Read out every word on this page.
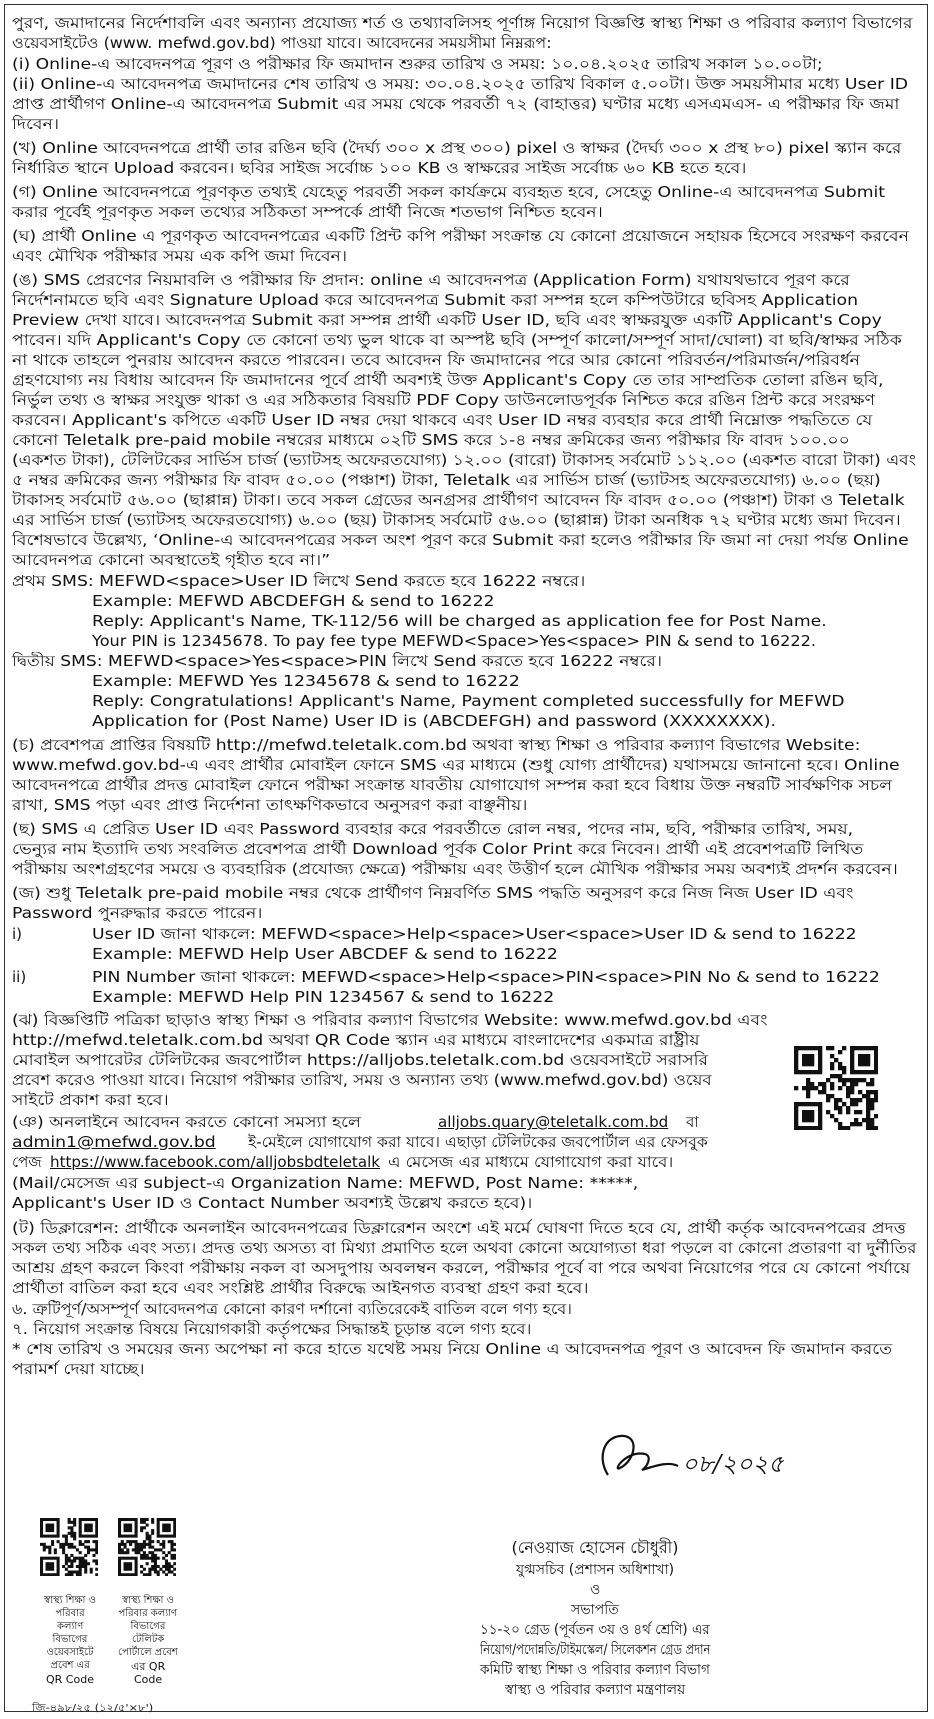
পুরণ, জমাদানের নির্দেশাবলি এবং অন্যান্য প্রযোজ্য শর্ত ও তথ্যাবলিসহ পূর্ণাঙ্গ নিয়োগ বিজ্ঞপ্তি স্বাস্থ্য শিক্ষা ও পরিবার কল্যাণ বিভাগের
ওয়েবসাইটেও (www. mefwd.gov.bd) পাওয়া যাবে। আবেদনের সময়সীমা নিম্নরূপ:
(i) Online-এ আবেদনপত্র পূরণ ও পরীক্ষার ফি জমাদান শুরুর তারিখ ও সময়: ১০.০৪.২০২৫ তারিখ সকাল ১০.০০টা;
(ii) Online-এ আবেদনপত্র জমাদানের শেষ তারিখ ও সময়: ৩০.০৪.২০২৫ তারিখ বিকাল ৫.০০টা। উক্ত সময়সীমার মধ্যে User ID
প্রাপ্ত প্রার্থীগণ Online-এ আবেদনপত্র Submit এর সময় থেকে পরবর্তী ৭২ (বাহাত্তর) ঘণ্টার মধ্যে এসএমএস- এ পরীক্ষার ফি জমা
দিবেন।
(খ) Online আবেদনপত্রে প্রার্থী তার রঙিন ছবি (দৈর্ঘ্য ৩০০ x প্রস্থ ৩০০) pixel ও স্বাক্ষর (দৈর্ঘ্য ৩০০ x প্রস্থ ৮০) pixel স্ক্যান করে
নির্ধারিত স্থানে Upload করবেন। ছবির সাইজ সর্বোচ্চ ১০০ KB ও স্বাক্ষরের সাইজ সর্বোচ্চ ৬০ KB হতে হবে।
(গ) Online আবেদনপত্রে পূরণকৃত তথ্যই যেহেতু পরবর্তী সকল কার্যক্রমে ব্যবহৃত হবে, সেহেতু Online-এ আবেদনপত্র Submit
করার পূর্বেই পূরণকৃত সকল তথ্যের সঠিকতা সম্পর্কে প্রার্থী নিজে শতভাগ নিশ্চিত হবেন।
(ঘ) প্রার্থী Online এ পূরণকৃত আবেদনপত্রের একটি প্রিন্ট কপি পরীক্ষা সংক্রান্ত যে কোনো প্রয়োজনে সহায়ক হিসেবে সংরক্ষণ করবেন
এবং মৌখিক পরীক্ষার সময় এক কপি জমা দিবেন।
(ঙ) SMS প্রেরণের নিয়মাবলি ও পরীক্ষার ফি প্রদান: online এ আবেদনপত্র (Application Form) যথাযথভাবে পূরণ করে
নির্দেশনামতে ছবি এবং Signature Upload করে আবেদনপত্র Submit করা সম্পন্ন হলে কম্পিউটারে ছবিসহ Application
Preview দেখা যাবে। আবেদনপত্র Submit করা সম্পন্ন প্রার্থী একটি User ID, ছবি এবং স্বাক্ষরযুক্ত একটি Applicant's Copy
পাবেন। যদি Applicant's Copy তে কোনো তথ্য ভুল থাকে বা অস্পষ্ট ছবি (সম্পূর্ণ কালো/সম্পূর্ণ সাদা/ঘোলা) বা ছবি/স্বাক্ষর সঠিক
না থাকে তাহলে পুনরায় আবেদন করতে পারবেন। তবে আবেদন ফি জমাদানের পরে আর কোনো পরিবর্তন/পরিমার্জন/পরিবর্ধন
গ্রহণযোগ্য নয় বিধায় আবেদন ফি জমাদানের পূর্বে প্রার্থী অবশ্যই উক্ত Applicant's Copy তে তার সাম্প্রতিক তোলা রঙিন ছবি,
নির্ভুল তথ্য ও স্বাক্ষর সংযুক্ত থাকা ও এর সঠিকতার বিষয়টি PDF Copy ডাউনলোডপূর্বক নিশ্চিত করে রঙিন প্রিন্ট করে সংরক্ষণ
করবেন। Applicant's কপিতে একটি User ID নম্বর দেয়া থাকবে এবং User ID নম্বর ব্যবহার করে প্রার্থী নিম্নোক্ত পদ্ধতিতে যে
কোনো Teletalk pre-paid mobile নম্বরের মাধ্যমে ০২টি SMS করে ১-৪ নম্বর ক্রমিকের জন্য পরীক্ষার ফি বাবদ ১০০.০০
(একশত টাকা), টেলিটকের সার্ভিস চার্জ (ভ্যাটসহ অফেরতযোগ্য) ১২.০০ (বারো) টাকাসহ সর্বমোট ১১২.০০ (একশত বারো টাকা) এবং
৫ নম্বর ক্রমিকের জন্য পরীক্ষার ফি বাবদ ৫০.০০ (পঞ্চাশ) টাকা, Teletalk এর সার্ভিস চার্জ (ভ্যাটসহ অফেরতযোগ্য) ৬.০০ (ছয়)
টাকাসহ সর্বমোট ৫৬.০০ (ছাপ্পান্ন) টাকা। তবে সকল গ্রেডের অনগ্রসর প্রার্থীগণ আবেদন ফি বাবদ ৫০.০০ (পঞ্চাশ) টাকা ও Teletalk
এর সার্ভিস চার্জ (ভ্যাটসহ অফেরতযোগ্য) ৬.০০ (ছয়) টাকাসহ সর্বমোট ৫৬.০০ (ছাপ্পান্ন) টাকা অনধিক ৭২ ঘণ্টার মধ্যে জমা দিবেন।
বিশেষভাবে উল্লেখ্য, ‘Online-এ আবেদনপত্রের সকল অংশ পূরণ করে Submit করা হলেও পরীক্ষার ফি জমা না দেয়া পর্যন্ত Online
আবেদনপত্র কোনো অবস্থাতেই গৃহীত হবে না।”
প্রথম SMS: MEFWD<space>User ID লিখে Send করতে হবে 16222 নম্বরে।
Example: MEFWD ABCDEFGH & send to 16222
Reply: Applicant's Name, TK-112/56 will be charged as application fee for Post Name.
Your PIN is 12345678. To pay fee type MEFWD<Space>Yes<space> PIN & send to 16222.
দ্বিতীয় SMS: MEFWD<space>Yes<space>PIN লিখে Send করতে হবে 16222 নম্বরে।
Example: MEFWD Yes 12345678 & send to 16222
Reply: Congratulations! Applicant's Name, Payment completed successfully for MEFWD
Application for (Post Name) User ID is (ABCDEFGH) and password (XXXXXXXX).
(চ) প্রবেশপত্র প্রাপ্তির বিষয়টি http://mefwd.teletalk.com.bd অথবা স্বাস্থ্য শিক্ষা ও পরিবার কল্যাণ বিভাগের Website:
www.mefwd.gov.bd-এ এবং প্রার্থীর মোবাইল ফোনে SMS এর মাধ্যমে (শুধু যোগ্য প্রার্থীদের) যথাসময়ে জানানো হবে। Online
আবেদনপত্রে প্রার্থীর প্রদত্ত মোবাইল ফোনে পরীক্ষা সংক্রান্ত যাবতীয় যোগাযোগ সম্পন্ন করা হবে বিধায় উক্ত নম্বরটি সার্বক্ষণিক সচল
রাখা, SMS পড়া এবং প্রাপ্ত নির্দেশনা তাৎক্ষণিকভাবে অনুসরণ করা বাঞ্ছনীয়।
(ছ) SMS এ প্রেরিত User ID এবং Password ব্যবহার করে পরবর্তীতে রোল নম্বর, পদের নাম, ছবি, পরীক্ষার তারিখ, সময়,
ভেন্যুর নাম ইত্যাদি তথ্য সংবলিত প্রবেশপত্র প্রার্থী Download পূর্বক Color Print করে নিবেন। প্রার্থী এই প্রবেশপত্রটি লিখিত
পরীক্ষায় অংশগ্রহণের সময়ে ও ব্যবহারিক (প্রযোজ্য ক্ষেত্রে) পরীক্ষায় এবং উত্তীর্ণ হলে মৌখিক পরীক্ষার সময় অবশ্যই প্রদর্শন করবেন।
(জ) শুধু Teletalk pre-paid mobile নম্বর থেকে প্রার্থীগণ নিম্নবর্ণিত SMS পদ্ধতি অনুসরণ করে নিজ নিজ User ID এবং
Password পুনরুদ্ধার করতে পারেন।
i)	User ID জানা থাকলে: MEFWD<space>Help<space>User<space>User ID & send to 16222
Example: MEFWD Help User ABCDEF & send to 16222
ii)	PIN Number জানা থাকলে: MEFWD<space>Help<space>PIN<space>PIN No & send to 16222
Example: MEFWD Help PIN 1234567 & send to 16222
(ঝ) বিজ্ঞপ্তিটি পত্রিকা ছাড়াও স্বাস্থ্য শিক্ষা ও পরিবার কল্যাণ বিভাগের Website: www.mefwd.gov.bd এবং
http://mefwd.teletalk.com.bd অথবা QR Code স্ক্যান এর মাধ্যমে বাংলাদেশের একমাত্র রাষ্ট্রীয়
মোবাইল অপারেটর টেলিটকের জবপোর্টাল https://alljobs.teletalk.com.bd ওয়েবসাইটে সরাসরি
প্রবেশ করেও পাওয়া যাবে। নিয়োগ পরীক্ষার তারিখ, সময় ও অন্যান্য তথ্য (www.mefwd.gov.bd) ওয়েব
সাইটে প্রকাশ করা হবে।
(ঞ) অনলাইনে আবেদন করতে কোনো সমস্যা হলে	alljobs.quary@teletalk.com.bd বা
admin1@mefwd.gov.bd ই-মেইলে যোগাযোগ করা যাবে। এছাড়া টেলিটকের জবপোর্টাল এর ফেসবুক
পেজ https://www.facebook.com/alljobsbdteletalk এ মেসেজ এর মাধ্যমে যোগাযোগ করা যাবে।
(Mail/মেসেজ এর subject-এ Organization Name: MEFWD, Post Name: *****,
Applicant's User ID ও Contact Number অবশ্যই উল্লেখ করতে হবে)।
(ট) ডিক্লারেশন: প্রার্থীকে অনলাইন আবেদনপত্রের ডিক্লারেশন অংশে এই মর্মে ঘোষণা দিতে হবে যে, প্রার্থী কর্তৃক আবেদনপত্রের প্রদত্ত
সকল তথ্য সঠিক এবং সত্য। প্রদত্ত তথ্য অসত্য বা মিথ্যা প্রমাণিত হলে অথবা কোনো অযোগ্যতা ধরা পড়লে বা কোনো প্রতারণা বা দুর্নীতির
আশ্রয় গ্রহণ করলে কিংবা পরীক্ষায় নকল বা অসদুপায় অবলম্বন করলে, পরীক্ষার পূর্বে বা পরে অথবা নিয়োগের পরে যে কোনো পর্যায়ে
প্রার্থীতা বাতিল করা হবে এবং সংশ্লিষ্ট প্রার্থীর বিরুদ্ধে আইনগত ব্যবস্থা গ্রহণ করা হবে।
৬. ত্রুটিপূর্ণ/অসম্পূর্ণ আবেদনপত্র কোনো কারণ দর্শানো ব্যতিরেকেই বাতিল বলে গণ্য হবে।
৭. নিয়োগ সংক্রান্ত বিষয়ে নিয়োগকারী কর্তৃপক্ষের সিদ্ধান্তই চূড়ান্ত বলে গণ্য হবে।
* শেষ তারিখ ও সময়ের জন্য অপেক্ষা না করে হাতে যথেষ্ট সময় নিয়ে Online এ আবেদনপত্র পূরণ ও আবেদন ফি জমাদান করতে
পরামর্শ দেয়া যাচ্ছে।
(নেওয়াজ হোসেন চৌধুরী)
যুগ্মসচিব (প্রশাসন অধিশাখা)
ও
সভাপতি
১১-২০ গ্রেড (পূর্বতন ৩য় ও ৪র্থ শ্রেণি) এর
নিয়োগ/পদোন্নতি/টাইমস্কেল/ সিলেকশন গ্রেড প্রদান
কমিটি স্বাস্থ্য শিক্ষা ও পরিবার কল্যাণ বিভাগ
স্বাস্থ্য ও পরিবার কল্যাণ মন্ত্রণালয়
স্বাস্থ্য শিক্ষা ও
পরিবার
কল্যাণ
বিভাগের
ওয়েবসাইটে
প্রবেশ এর
QR Code
স্বাস্থ্য শিক্ষা ও
পরিবার কল্যাণ
বিভাগের
টেলিটক
পোর্টালে প্রবেশ
এর QR
Code
জি-৪৯৮/২৫ (১২/৫'×৮')
০৮/২০২৫
